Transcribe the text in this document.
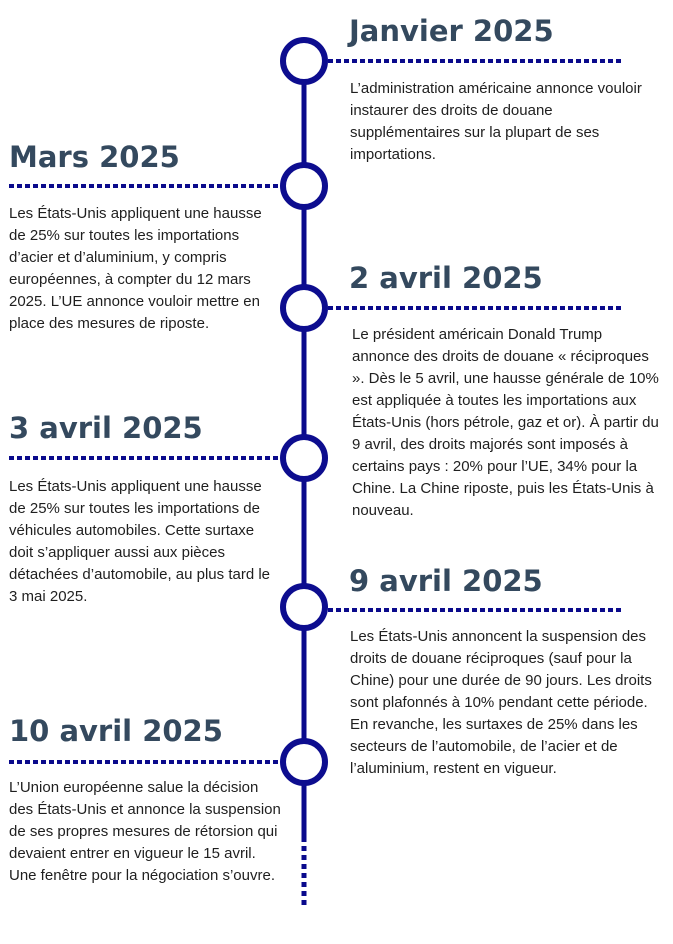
Janvier 2025

L’administration américaine annonce vouloir instaurer des droits de douane supplémentaires sur la plupart de ses importations.

Mars 2025

Les États-Unis appliquent une hausse de 25% sur toutes les importations d’acier et d’aluminium, y compris européennes, à compter du 12 mars 2025. L’UE annonce vouloir mettre en place des mesures de riposte.

2 avril 2025

Le président américain Donald Trump annonce des droits de douane « réciproques ». Dès le 5 avril, une hausse générale de 10% est appliquée à toutes les importations aux États-Unis (hors pétrole, gaz et or). À partir du 9 avril, des droits majorés sont imposés à certains pays : 20% pour l’UE, 34% pour la Chine. La Chine riposte, puis les États-Unis à nouveau.

3 avril 2025

Les États-Unis appliquent une hausse de 25% sur toutes les importations de véhicules automobiles. Cette surtaxe doit s’appliquer aussi aux pièces détachées d’automobile, au plus tard le 3 mai 2025.	9 avril 2025

Les États-Unis annoncent la suspension des droits de douane réciproques (sauf pour la Chine) pour une durée de 90 jours. Les droits sont plafonnés à 10% pendant cette période. En revanche, les surtaxes de 25% dans les secteurs de l’automobile, de l’acier et de l’aluminium, restent en vigueur.

10 avril 2025

L’Union européenne salue la décision des États-Unis et annonce la suspension de ses propres mesures de rétorsion qui devaient entrer en vigueur le 15 avril. Une fenêtre pour la négociation s’ouvre.
